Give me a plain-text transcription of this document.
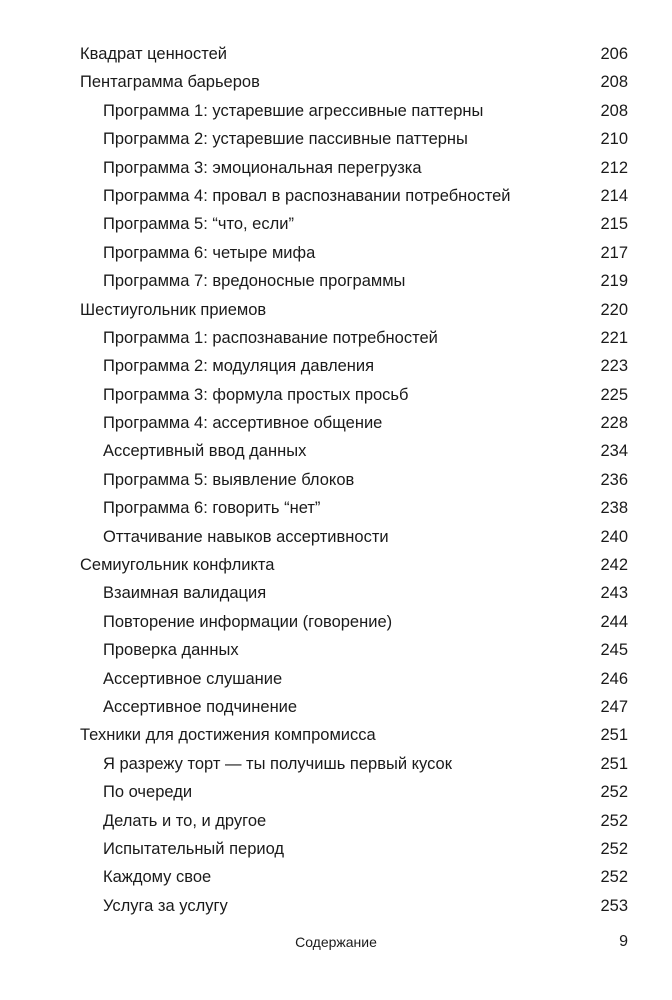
Квадрат ценностей	206
Пентаграмма барьеров	208
Программа 1: устаревшие агрессивные паттерны	208
Программа 2: устаревшие пассивные паттерны	210
Программа 3: эмоциональная перегрузка	212
Программа 4: провал в распознавании потребностей	214
Программа 5: “что, если”	215
Программа 6: четыре мифа	217
Программа 7: вредоносные программы	219
Шестиугольник приемов	220
Программа 1: распознавание потребностей	221
Программа 2: модуляция давления	223
Программа 3: формула простых просьб	225
Программа 4: ассертивное общение	228
Ассертивный ввод данных	234
Программа 5: выявление блоков	236
Программа 6: говорить “нет”	238
Оттачивание навыков ассертивности	240
Семиугольник конфликта	242
Взаимная валидация	243
Повторение информации (говорение)	244
Проверка данных	245
Ассертивное слушание	246
Ассертивное подчинение	247
Техники для достижения компромисса	251
Я разрежу торт — ты получишь первый кусок	251
По очереди	252
Делать и то, и другое	252
Испытательный период	252
Каждому свое	252
Услуга за услугу	253
Содержание	9
